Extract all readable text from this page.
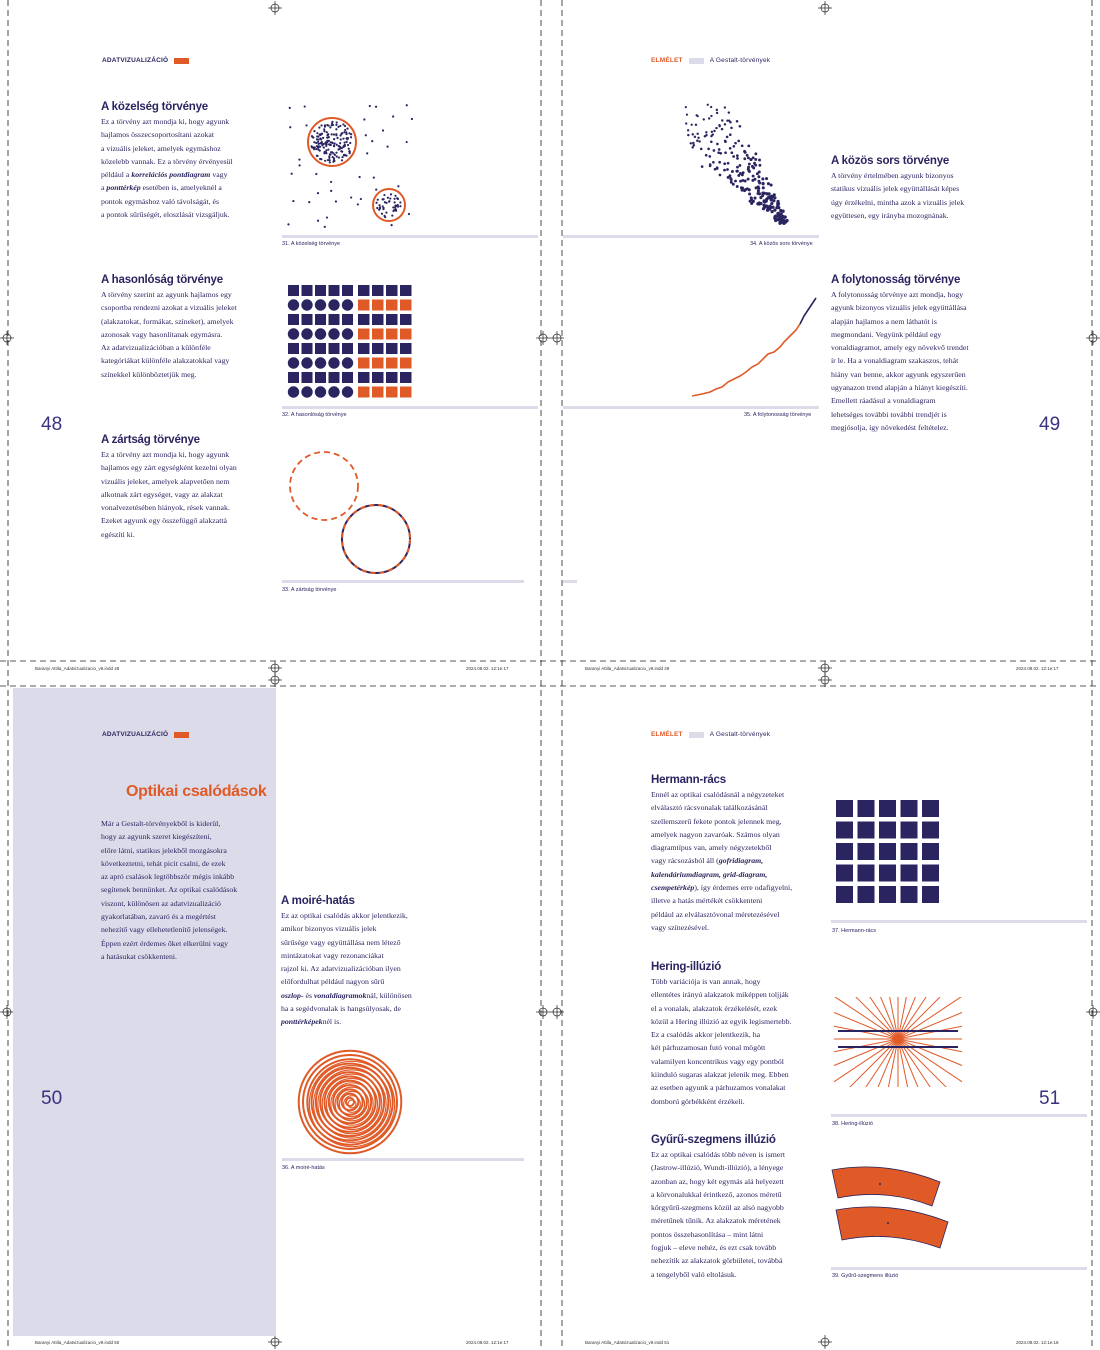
ADATVIZUALIZÁCIÓ
A közelség törvénye

Ez a törvény azt mondja ki, hogy agyunk
hajlamos összecsoportosítani azokat
a vizuális jeleket, amelyek egymáshoz
közelebb vannak. Ez a törvény érvényesül
például a korrelációs pontdiagram vagy
a ponttérkép esetében is, amelyeknél a
pontok egymáshoz való távolságát, és
a pontok sűrűségét, eloszlását vizsgáljuk.

31. A közelség törvénye
A hasonlóság törvénye

A törvény szerint az agyunk hajlamos egy
csoportba rendezni azokat a vizuális jeleket
(alakzatokat, formákat, színeket), amelyek
azonosak vagy hasonlítanak egymásra.
Az adatvizualizációban a különféle
kategóriákat különféle alakzatokkal vagy
színekkel különböztetjük meg.

32. A hasonlóság törvénye
A zártság törvénye

Ez a törvény azt mondja ki, hogy agyunk
hajlamos egy zárt egységként kezelni olyan
vizuális jeleket, amelyek alapvetően nem
alkotnak zárt egységet, vagy az alakzat
vonalvezetésében hiányok, rések vannak.
Ezeket agyunk egy összefüggő alakzattá
egészíti ki.

33. A zártság törvénye
48
Baranyi Attila_Adatvizualizacio_v9.indd 48	2024.08.02. 12:1e:17
ELMÉLET	A Gestalt-törvények
34. A közös sors törvénye
A közös sors törvénye

A törvény értelmében agyunk bizonyos
statikus vizuális jelek együttállását képes
úgy érzékelni, mintha azok a vizuális jelek
együttesen, egy irányba mozognának.

35. A folytonosság törvénye
A folytonosság törvénye

A folytonosság törvénye azt mondja, hogy
agyunk bizonyos vizuális jelek együttállása
alapján hajlamos a nem láthatót is
megmondani. Vegyünk például egy
vonaldiagramot, amely egy növekvő trendet
ír le. Ha a vonaldiagram szakaszos, tehát
hiány van benne, akkor agyunk egyszerűen
ugyanazon trend alapján a hiányt kiegészíti.
Emellett ráadásul a vonaldiagram
lehetséges további további trendjét is
megjósolja, így növekedést feltételez.	49
Baranyi Attila_Adatvizualizacio_v9.indd 49	2024.08.02. 12:1e:17
ADATVIZUALIZÁCIÓ
Optikai csalódások

Már a Gestalt-törvényekből is kiderül,
hogy az agyunk szeret kiegészíteni,
előre látni, statikus jelekből mozgásokra
következtetni, tehát picit csalni, de ezek
az apró csalások legtöbbször mégis inkább
segítenek bennünket. Az optikai csalódások
viszont, különösen az adatvizualizáció
gyakorlatában, zavaró és a megértést
nehezítő vagy ellehetetlenítő jelenségek.
Éppen ezért érdemes őket elkerülni vagy
a hatásukat csökkenteni.

50
A moiré-hatás

Ez az optikai csalódás akkor jelentkezik,
amikor bizonyos vizuális jelek
sűrűsége vagy együttállása nem létező
mintázatokat vagy rezonanciákat
rajzol ki. Az adatvizualizációban ilyen
előfordulhat például nagyon sűrű
oszlop- és vonaldiagramoknál, különösen
ha a segédvonalak is hangsúlyosak, de
ponttérképeknél is.

36. A moiré-hatás
Baranyi Attila_Adatvizualizacio_v9.indd 50	2024.08.02. 12:1e:17
ELMÉLET	A Gestalt-törvények
Hermann-rács

Ennél az optikai csalódásnál a négyzeteket
elválasztó rácsvonalak találkozásánál
szellemszerű fekete pontok jelennek meg,
amelyek nagyon zavaróak. Számos olyan
diagramtípus van, amely négyzetekből
vagy rácsozásból áll (gofridiagram,
kalendáriumdiagram, grid-diagram,
csempetérkép), így érdemes erre odafigyelni,
illetve a hatás mértékét csökkenteni
például az elválasztóvonal méretezésével
vagy színezésével.	37. Hermann-rács
Hering-illúzió

Több variációja is van annak, hogy
ellentétes irányú alakzatok miképpen toljják
el a vonalak, alakzatok érzékelését, ezek
közül a Hering illúzió az egyik legismertebb.
Ez a csalódás akkor jelentkezik, ha
két párhuzamosan futó vonal mögött
valamilyen koncentrikus vagy egy pontból
kiinduló sugaras alakzat jelenik meg. Ebben
az esetben agyunk a párhuzamos vonalakat
domború görbékként érzékeli.

38. Hering-illúzió
Gyűrű-szegmens illúzió

Ez az optikai csalódás több néven is ismert
(Jastrow-illúzió, Wundt-illúzió), a lényege
azonban az, hogy két egymás alá helyezett
a körvonalukkal érintkező, azonos méretű
körgyűrű-szegmens közül az alsó nagyobb
méretűnek tűnik. Az alakzatok méretének
pontos összehasonlítása – mint látni
fogjuk – eleve nehéz, és ezt csak tovább
nehezítik az alakzatok görbületei, továbbá
a tengelyből való eltolásuk.	39. Gyűrű-szegmens illúzió
51
Baranyi Attila_Adatvizualizacio_v9.indd 51	2024.08.02. 12:1e:18
